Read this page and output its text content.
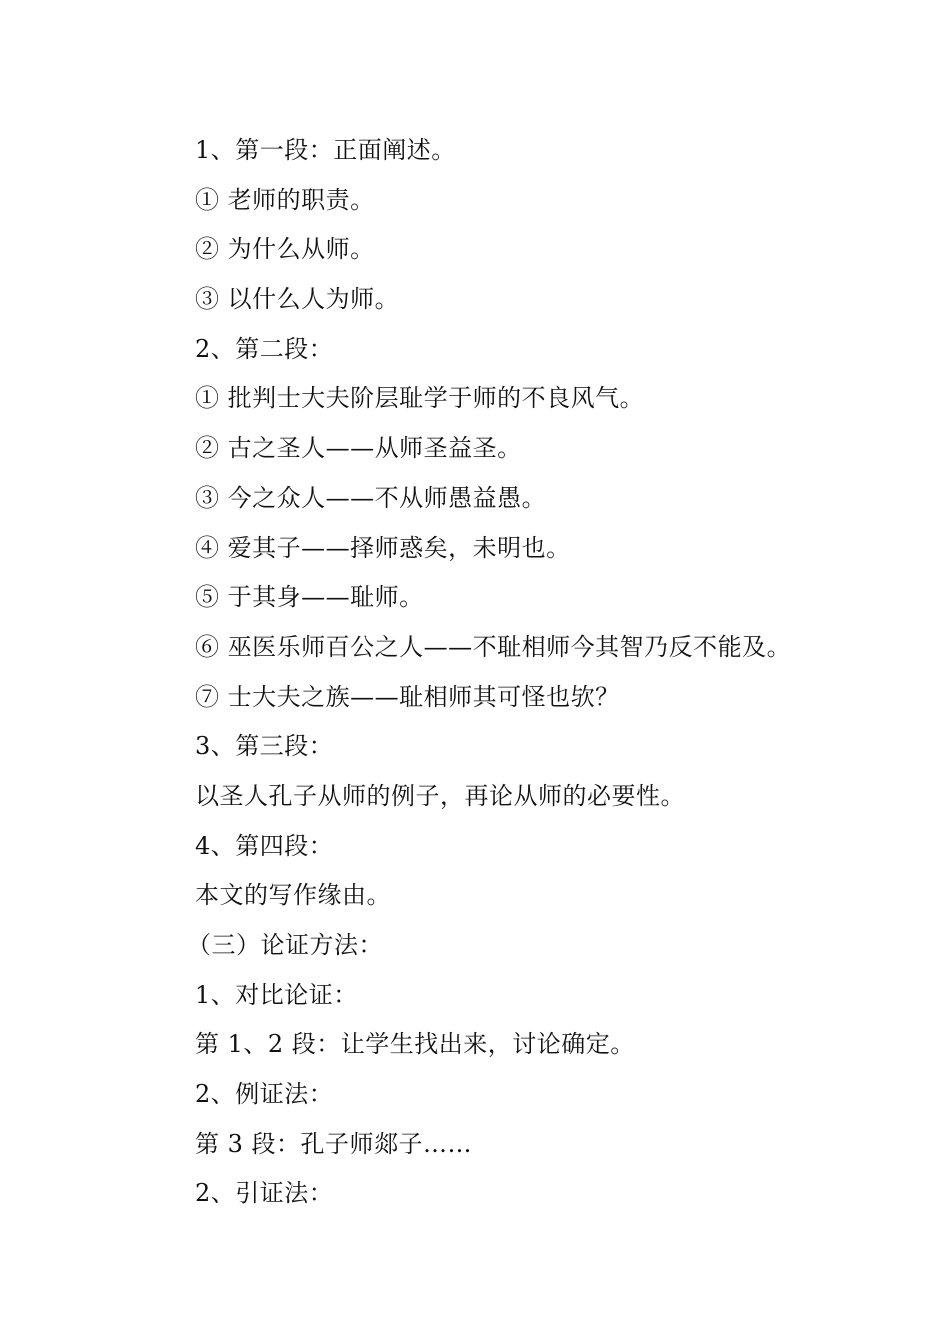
1、第一段：正面阐述。
① 老师的职责。
② 为什么从师。
③ 以什么人为师。
2、第二段：
① 批判士大夫阶层耻学于师的不良风气。
② 古之圣人——从师圣益圣。
③ 今之众人——不从师愚益愚。
④ 爱其子——择师惑矣，未明也。
⑤ 于其身——耻师。
⑥ 巫医乐师百公之人——不耻相师今其智乃反不能及。
⑦ 士大夫之族——耻相师其可怪也欤？
3、第三段：
以圣人孔子从师的例子，再论从师的必要性。
4、第四段：
本文的写作缘由。
（三）论证方法：
1、对比论证：
第 1、2 段：让学生找出来，讨论确定。
2、例证法：
第 3 段：孔子师郯子……
2、引证法：
